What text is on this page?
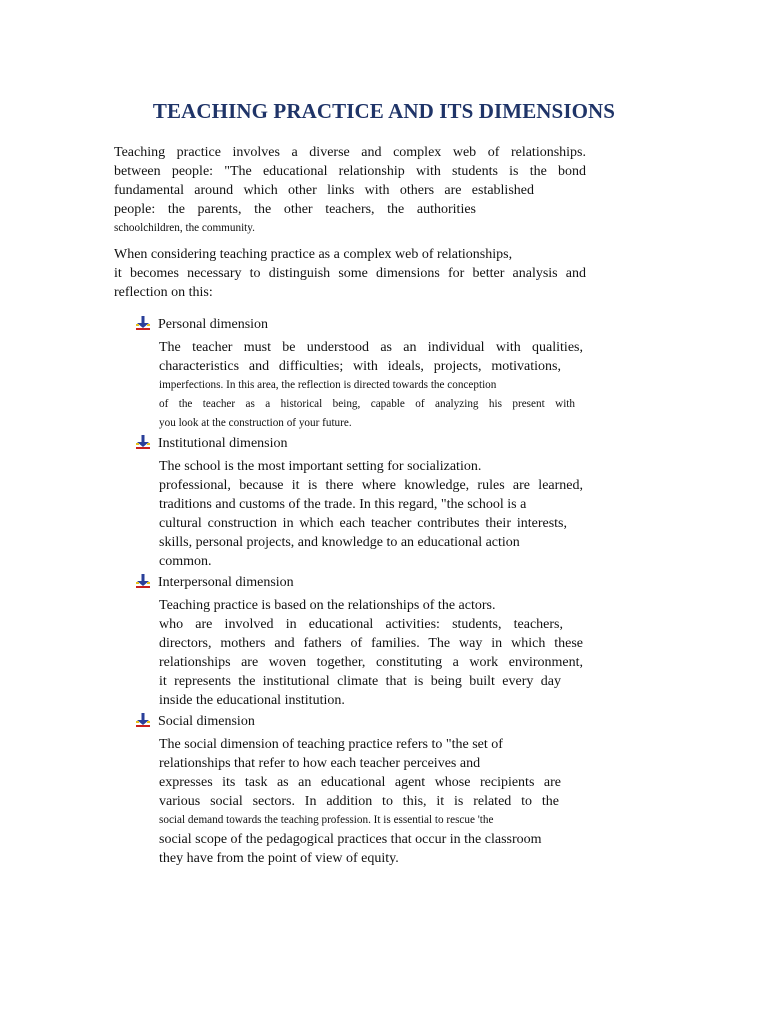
TEACHING PRACTICE AND ITS DIMENSIONS
Teaching practice involves a diverse and complex web of relationships.
between people: "The educational relationship with students is the bond
fundamental around which other links with others are established
people: the parents, the other teachers, the authorities
schoolchildren, the community.
When considering teaching practice as a complex web of relationships,
it becomes necessary to distinguish some dimensions for better analysis and
reflection on this:
Personal dimension
The teacher must be understood as an individual with qualities,
characteristics and difficulties; with ideals, projects, motivations,
imperfections. In this area, the reflection is directed towards the conception
of the teacher as a historical being, capable of analyzing his present with
you look at the construction of your future.
Institutional dimension
The school is the most important setting for socialization.
professional, because it is there where knowledge, rules are learned,
traditions and customs of the trade. In this regard, "the school is a
cultural construction in which each teacher contributes their interests,
skills, personal projects, and knowledge to an educational action
common.
Interpersonal dimension
Teaching practice is based on the relationships of the actors.
who are involved in educational activities: students, teachers,
directors, mothers and fathers of families. The way in which these
relationships are woven together, constituting a work environment,
it represents the institutional climate that is being built every day
inside the educational institution.
Social dimension
The social dimension of teaching practice refers to "the set of
relationships that refer to how each teacher perceives and
expresses its task as an educational agent whose recipients are
various social sectors. In addition to this, it is related to the
social demand towards the teaching profession. It is essential to rescue 'the
social scope of the pedagogical practices that occur in the classroom
they have from the point of view of equity.
